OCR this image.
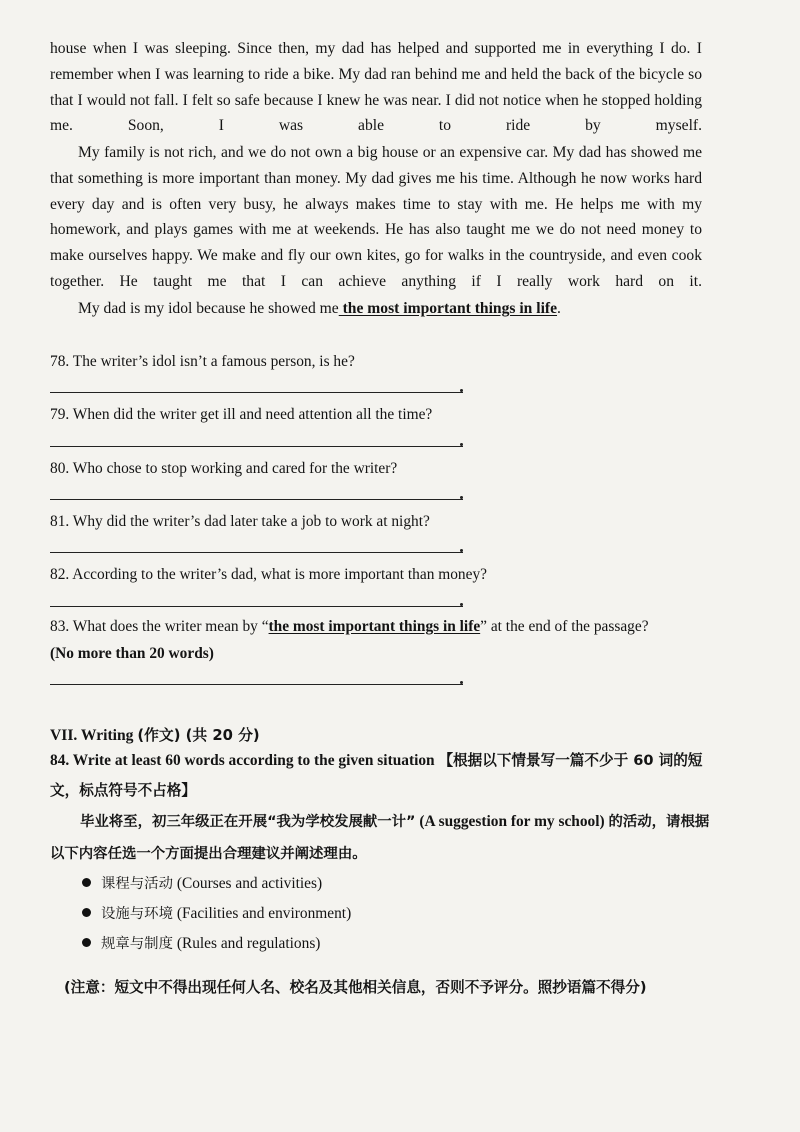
house when I was sleeping. Since then, my dad has helped and supported me in everything I do. I remember when I was learning to ride a bike. My dad ran behind me and held the back of the bicycle so that I would not fall. I felt so safe because I knew he was near. I did not notice when he stopped holding me. Soon, I was able to ride by myself.

My family is not rich, and we do not own a big house or an expensive car. My dad has showed me that something is more important than money. My dad gives me his time. Although he now works hard every day and is often very busy, he always makes time to stay with me. He helps me with my homework, and plays games with me at weekends. He has also taught me we do not need money to make ourselves happy. We make and fly our own kites, go for walks in the countryside, and even cook together. He taught me that I can achieve anything if I really work hard on it.

My dad is my idol because he showed me the most important things in life.

78. The writer’s idol isn’t a famous person, is he?
79. When did the writer get ill and need attention all the time?
80. Who chose to stop working and cared for the writer?
81. Why did the writer’s dad later take a job to work at night?
82. According to the writer’s dad, what is more important than money?
83. What does the writer mean by “the most important things in life” at the end of the passage?
(No more than 20 words)
VII. Writing (作文) (共 20 分)
84. Write at least 60 words according to the given situation 【根据以下情景写一篇不少于 60 词的短文，标点符号不占格】
毕业将至，初三年级正在开展“我为学校发展献一计” (A suggestion for my school) 的活动，请根据以下内容任选一个方面提出合理建议并阐述理由。
课程与活动 (Courses and activities)
设施与环境 (Facilities and environment)
规章与制度 (Rules and regulations)
(注意：短文中不得出现任何人名、校名及其他相关信息，否则不予评分。照抄语篇不得分)
